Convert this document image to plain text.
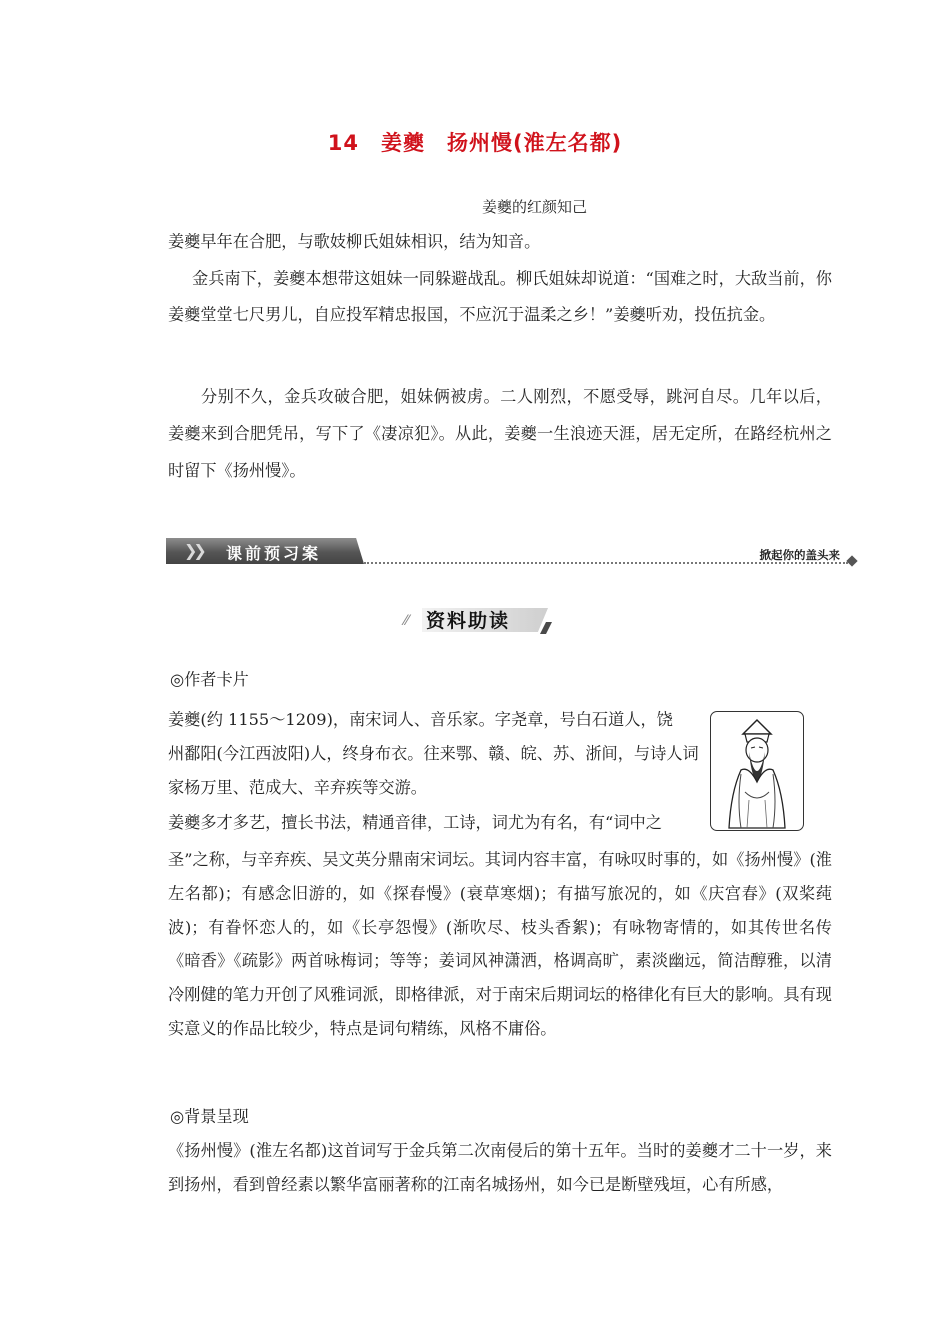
14 姜夔　扬州慢(淮左名都)
姜夔的红颜知己
姜夔早年在合肥，与歌妓柳氏姐妹相识，结为知音。
金兵南下，姜夔本想带这姐妹一同躲避战乱。柳氏姐妹却说道：“国难之时，大敌当前，你姜夔堂堂七尺男儿，自应投军精忠报国，不应沉于温柔之乡！”姜夔听劝，投伍抗金。
分别不久，金兵攻破合肥，姐妹俩被虏。二人刚烈，不愿受辱，跳河自尽。几年以后，姜夔来到合肥凭吊，写下了《凄凉犯》。从此，姜夔一生浪迹天涯，居无定所，在路经杭州之时留下《扬州慢》。
❯❯ 课前预习案	掀起你的盖头来
⁄⁄ 资料助读
◎作者卡片
姜夔(约 1155～1209)，南宋词人、音乐家。字尧章，号白石道人，饶
州鄱阳(今江西波阳)人，终身布衣。往来鄂、赣、皖、苏、浙间，与诗人词
家杨万里、范成大、辛弃疾等交游。
姜夔多才多艺，擅长书法，精通音律，工诗，词尤为有名，有“词中之
圣”之称，与辛弃疾、吴文英分鼎南宋词坛。其词内容丰富，有咏叹时事的，如《扬州慢》(淮左名都)；有感念旧游的，如《探春慢》(衰草寒烟)；有描写旅况的，如《庆宫春》(双桨莼波)；有眷怀恋人的，如《长亭怨慢》(渐吹尽、枝头香絮)；有咏物寄情的，如其传世名传《暗香》《疏影》两首咏梅词；等等；姜词风神潇洒，格调高旷，素淡幽远，简洁醇雅，以清冷刚健的笔力开创了风雅词派，即格律派，对于南宋后期词坛的格律化有巨大的影响。具有现实意义的作品比较少，特点是词句精练，风格不庸俗。
◎背景呈现
《扬州慢》(淮左名都)这首词写于金兵第二次南侵后的第十五年。当时的姜夔才二十一岁，来到扬州，看到曾经素以繁华富丽著称的江南名城扬州，如今已是断壁残垣，心有所感，
